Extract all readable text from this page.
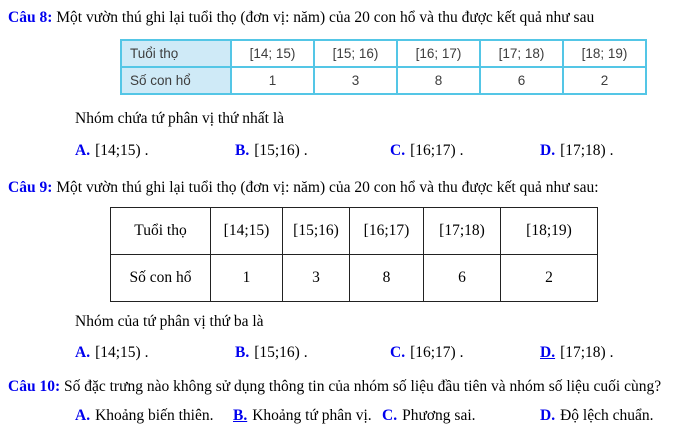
Câu 8: Một vườn thú ghi lại tuổi thọ (đơn vị: năm) của 20 con hổ và thu được kết quả như sau
Tuổi thọ	[14; 15)	[15; 16)	[16; 17)	[17; 18)	[18; 19)
Số con hổ	1	3	8	6	2
Nhóm chứa tứ phân vị thứ nhất là
A. [14;15) .	B. [15;16) .	C. [16;17) .	D. [17;18) .
Câu 9: Một vườn thú ghi lại tuổi thọ (đơn vị: năm) của 20 con hổ và thu được kết quả như sau:
Tuổi thọ	[14;15)	[15;16)	[16;17)	[17;18)	[18;19)
Số con hổ	1	3	8	6	2
Nhóm của tứ phân vị thứ ba là
A. [14;15) .	B. [15;16) .	C. [16;17) .	D. [17;18) .
Câu 10: Số đặc trưng nào không sử dụng thông tin của nhóm số liệu đầu tiên và nhóm số liệu cuối cùng?
A. Khoảng biến thiên.	B. Khoảng tứ phân vị. C. Phương sai.	D. Độ lệch chuẩn.
